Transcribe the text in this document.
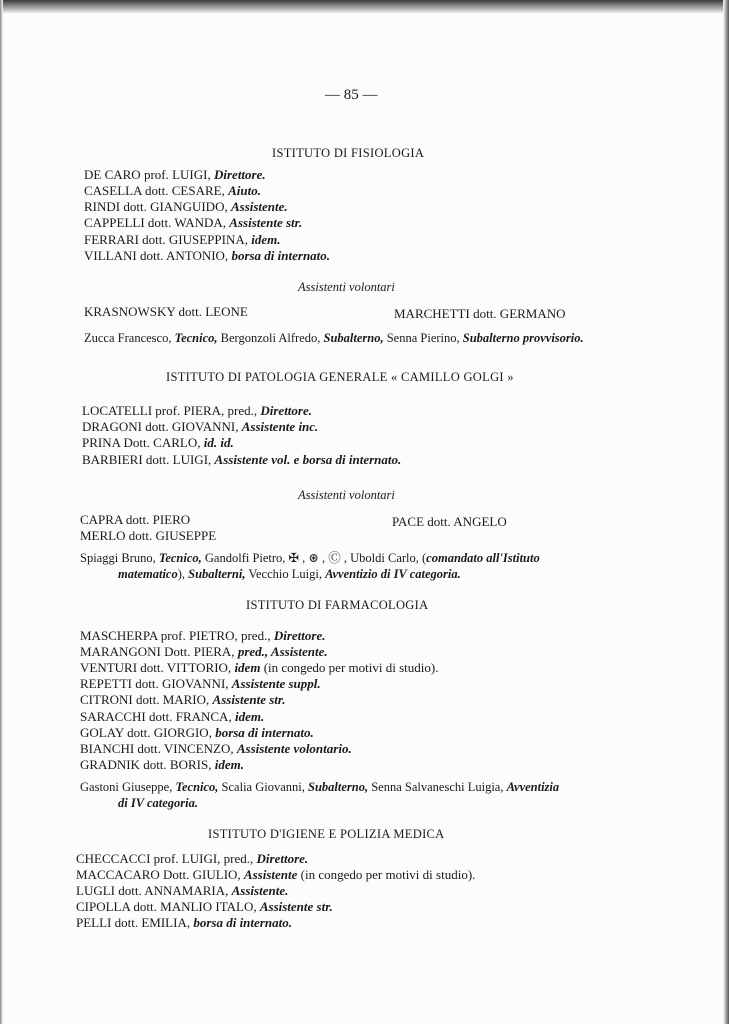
— 85 —
ISTITUTO DI FISIOLOGIA
DE CARO prof. LUIGI, Direttore.
CASELLA dott. CESARE, Aiuto.
RINDI dott. GIANGUIDO, Assistente.
CAPPELLI dott. WANDA, Assistente str.
FERRARI dott. GIUSEPPINA, idem.
VILLANI dott. ANTONIO, borsa di internato.
Assistenti volontari
KRASNOWSKY dott. LEONE	MARCHETTI dott. GERMANO
Zucca Francesco, Tecnico, Bergonzoli Alfredo, Subalterno, Senna Pierino, Subalterno provvisorio.
ISTITUTO DI PATOLOGIA GENERALE « CAMILLO GOLGI »
LOCATELLI prof. PIERA, pred., Direttore.
DRAGONI dott. GIOVANNI, Assistente inc.
PRINA Dott. CARLO, id. id.
BARBIERI dott. LUIGI, Assistente vol. e borsa di internato.
Assistenti volontari
CAPRA dott. PIERO	PACE dott. ANGELO
MERLO dott. GIUSEPPE
Spiaggi Bruno, Tecnico, Gandolfi Pietro, ✠ , ⊛ , Ⓒ , Uboldi Carlo, (comandato all'Istituto
matematico), Subalterni, Vecchio Luigi, Avventizio di IV categoria.
ISTITUTO DI FARMACOLOGIA
MASCHERPA prof. PIETRO, pred., Direttore.
MARANGONI Dott. PIERA, pred., Assistente.
VENTURI dott. VITTORIO, idem (in congedo per motivi di studio).
REPETTI dott. GIOVANNI, Assistente suppl.
CITRONI dott. MARIO, Assistente str.
SARACCHI dott. FRANCA, idem.
GOLAY dott. GIORGIO, borsa di internato.
BIANCHI dott. VINCENZO, Assistente volontario.
GRADNIK dott. BORIS, idem.
Gastoni Giuseppe, Tecnico, Scalia Giovanni, Subalterno, Senna Salvaneschi Luigia, Avventizia
di IV categoria.
ISTITUTO D'IGIENE E POLIZIA MEDICA
CHECCACCI prof. LUIGI, pred., Direttore.
MACCACARO Dott. GIULIO, Assistente (in congedo per motivi di studio).
LUGLI dott. ANNAMARIA, Assistente.
CIPOLLA dott. MANLIO ITALO, Assistente str.
PELLI dott. EMILIA, borsa di internato.
